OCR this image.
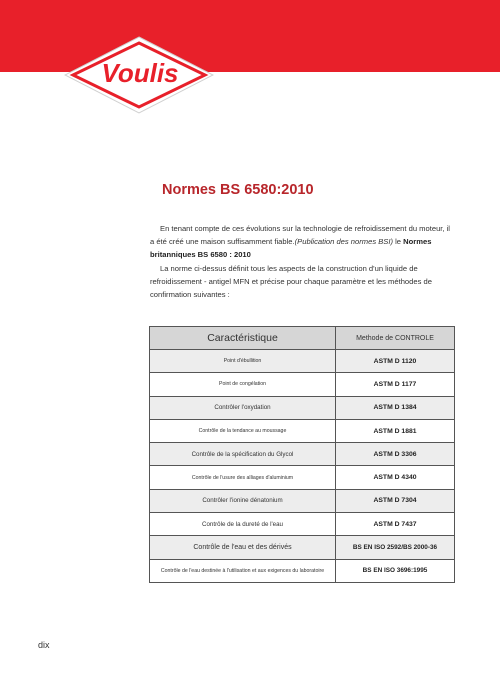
Voulis
Normes BS 6580:2010

En tenant compte de ces évolutions sur la technologie de refroidissement du moteur, il a été créé une maison suffisamment fiable.(Publication des normes BSI) le Normes britanniques BS 6580 : 2010

La norme ci-dessus définit tous les aspects de la construction d'un liquide de refroidissement - antigel MFN et précise pour chaque paramètre et les méthodes de confirmation suivantes :

Caractéristique	Methode de CONTROLE
Point d'ébullition	ASTM D 1120
Point de congélation	ASTM D 1177
Contrôler l'oxydation	ASTM D 1384
Contrôle de la tendance au moussage	ASTM D 1881
Contrôle de la spécification du Glycol	ASTM D 3306
Contrôle de l'usure des alliages d'aluminium	ASTM D 4340
Contrôler l'ionine dénatonium	ASTM D 7304
Contrôle de la dureté de l'eau	ASTM D 7437
Contrôle de l'eau et des dérivés	BS EN ISO 2592/BS 2000-36
Contrôle de l'eau destinée à l'utilisation et aux exigences du laboratoire	BS EN ISO 3696:1995

dix
